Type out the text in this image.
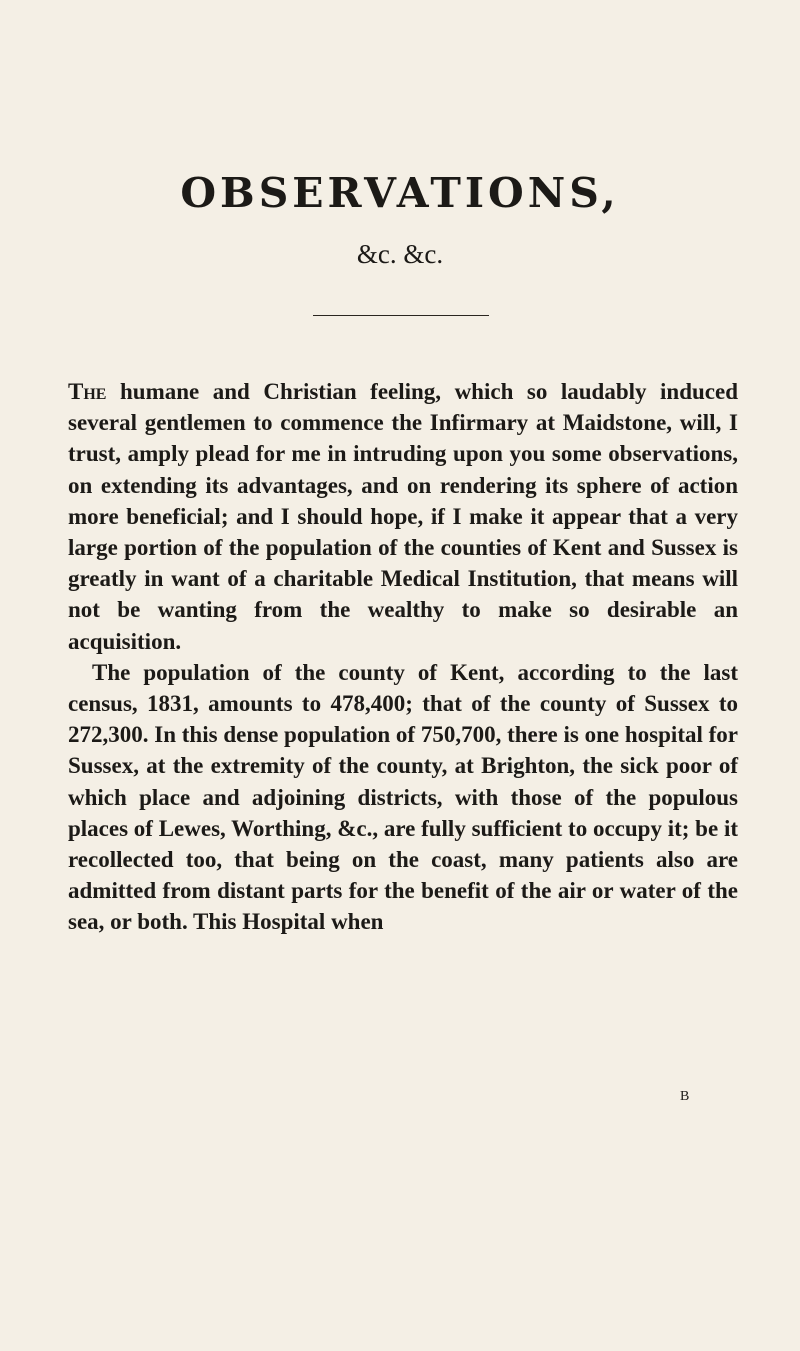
OBSERVATIONS,
&c. &c.

The humane and Christian feeling, which so laudably induced several gentlemen to commence the Infirmary at Maidstone, will, I trust, amply plead for me in intruding upon you some observations, on extending its advantages, and on rendering its sphere of action more beneficial; and I should hope, if I make it appear that a very large portion of the population of the counties of Kent and Sussex is greatly in want of a charitable Medical Institution, that means will not be wanting from the wealthy to make so desirable an acquisition.

The population of the county of Kent, according to the last census, 1831, amounts to 478,400; that of the county of Sussex to 272,300. In this dense population of 750,700, there is one hospital for Sussex, at the extremity of the county, at Brighton, the sick poor of which place and adjoining districts, with those of the populous places of Lewes, Worthing, &c., are fully sufficient to occupy it; be it recollected too, that being on the coast, many patients also are admitted from distant parts for the benefit of the air or water of the sea, or both. This Hospital when

B
